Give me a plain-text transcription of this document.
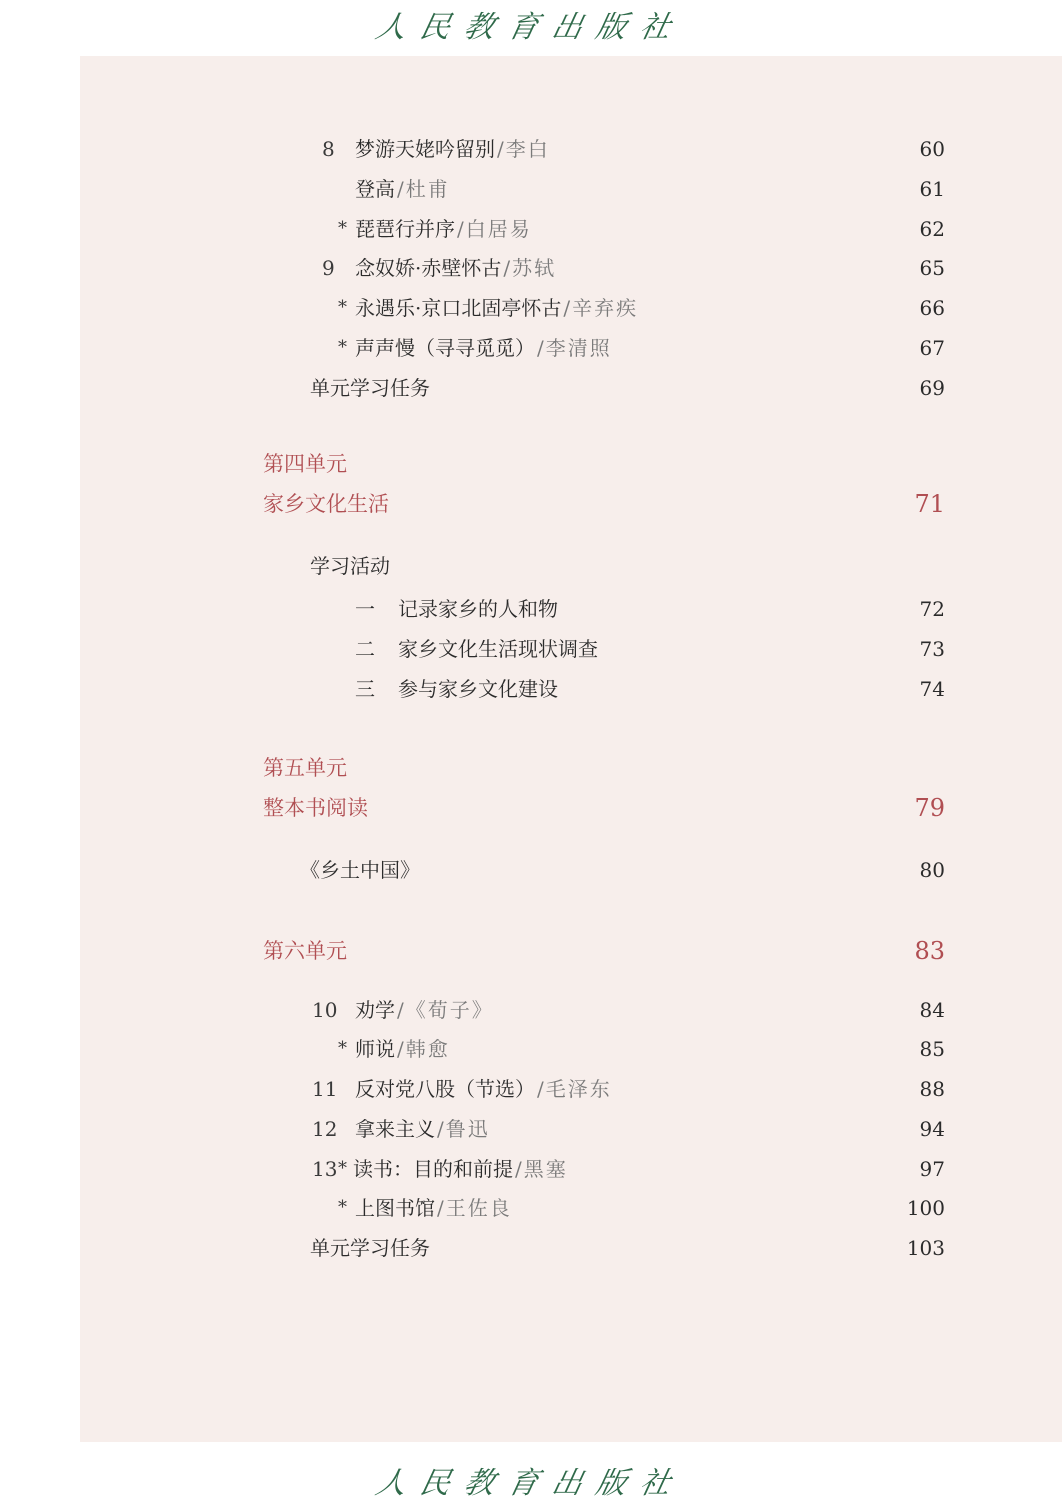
人民教育出版社
8 梦游天姥吟留别 / 李白	60
登高 / 杜甫	61
* 琵琶行并序 / 白居易	62
9 念奴娇·赤壁怀古 / 苏轼	65
* 永遇乐·京口北固亭怀古 / 辛弃疾	66
* 声声慢（寻寻觅觅） / 李清照	67
单元学习任务	69
第四单元
家乡文化生活	71
学习活动
一 记录家乡的人和物	72
二 家乡文化生活现状调查	73
三 参与家乡文化建设	74
第五单元
整本书阅读	79
《乡土中国》	80
第六单元	83
10 劝学 / 《荀子》	84
* 师说 / 韩愈	85
11 反对党八股（节选） / 毛泽东	88
12 拿来主义 / 鲁迅	94
13 * 读书：目的和前提 / 黑塞	97
* 上图书馆 / 王佐良	100
单元学习任务	103
人民教育出版社
